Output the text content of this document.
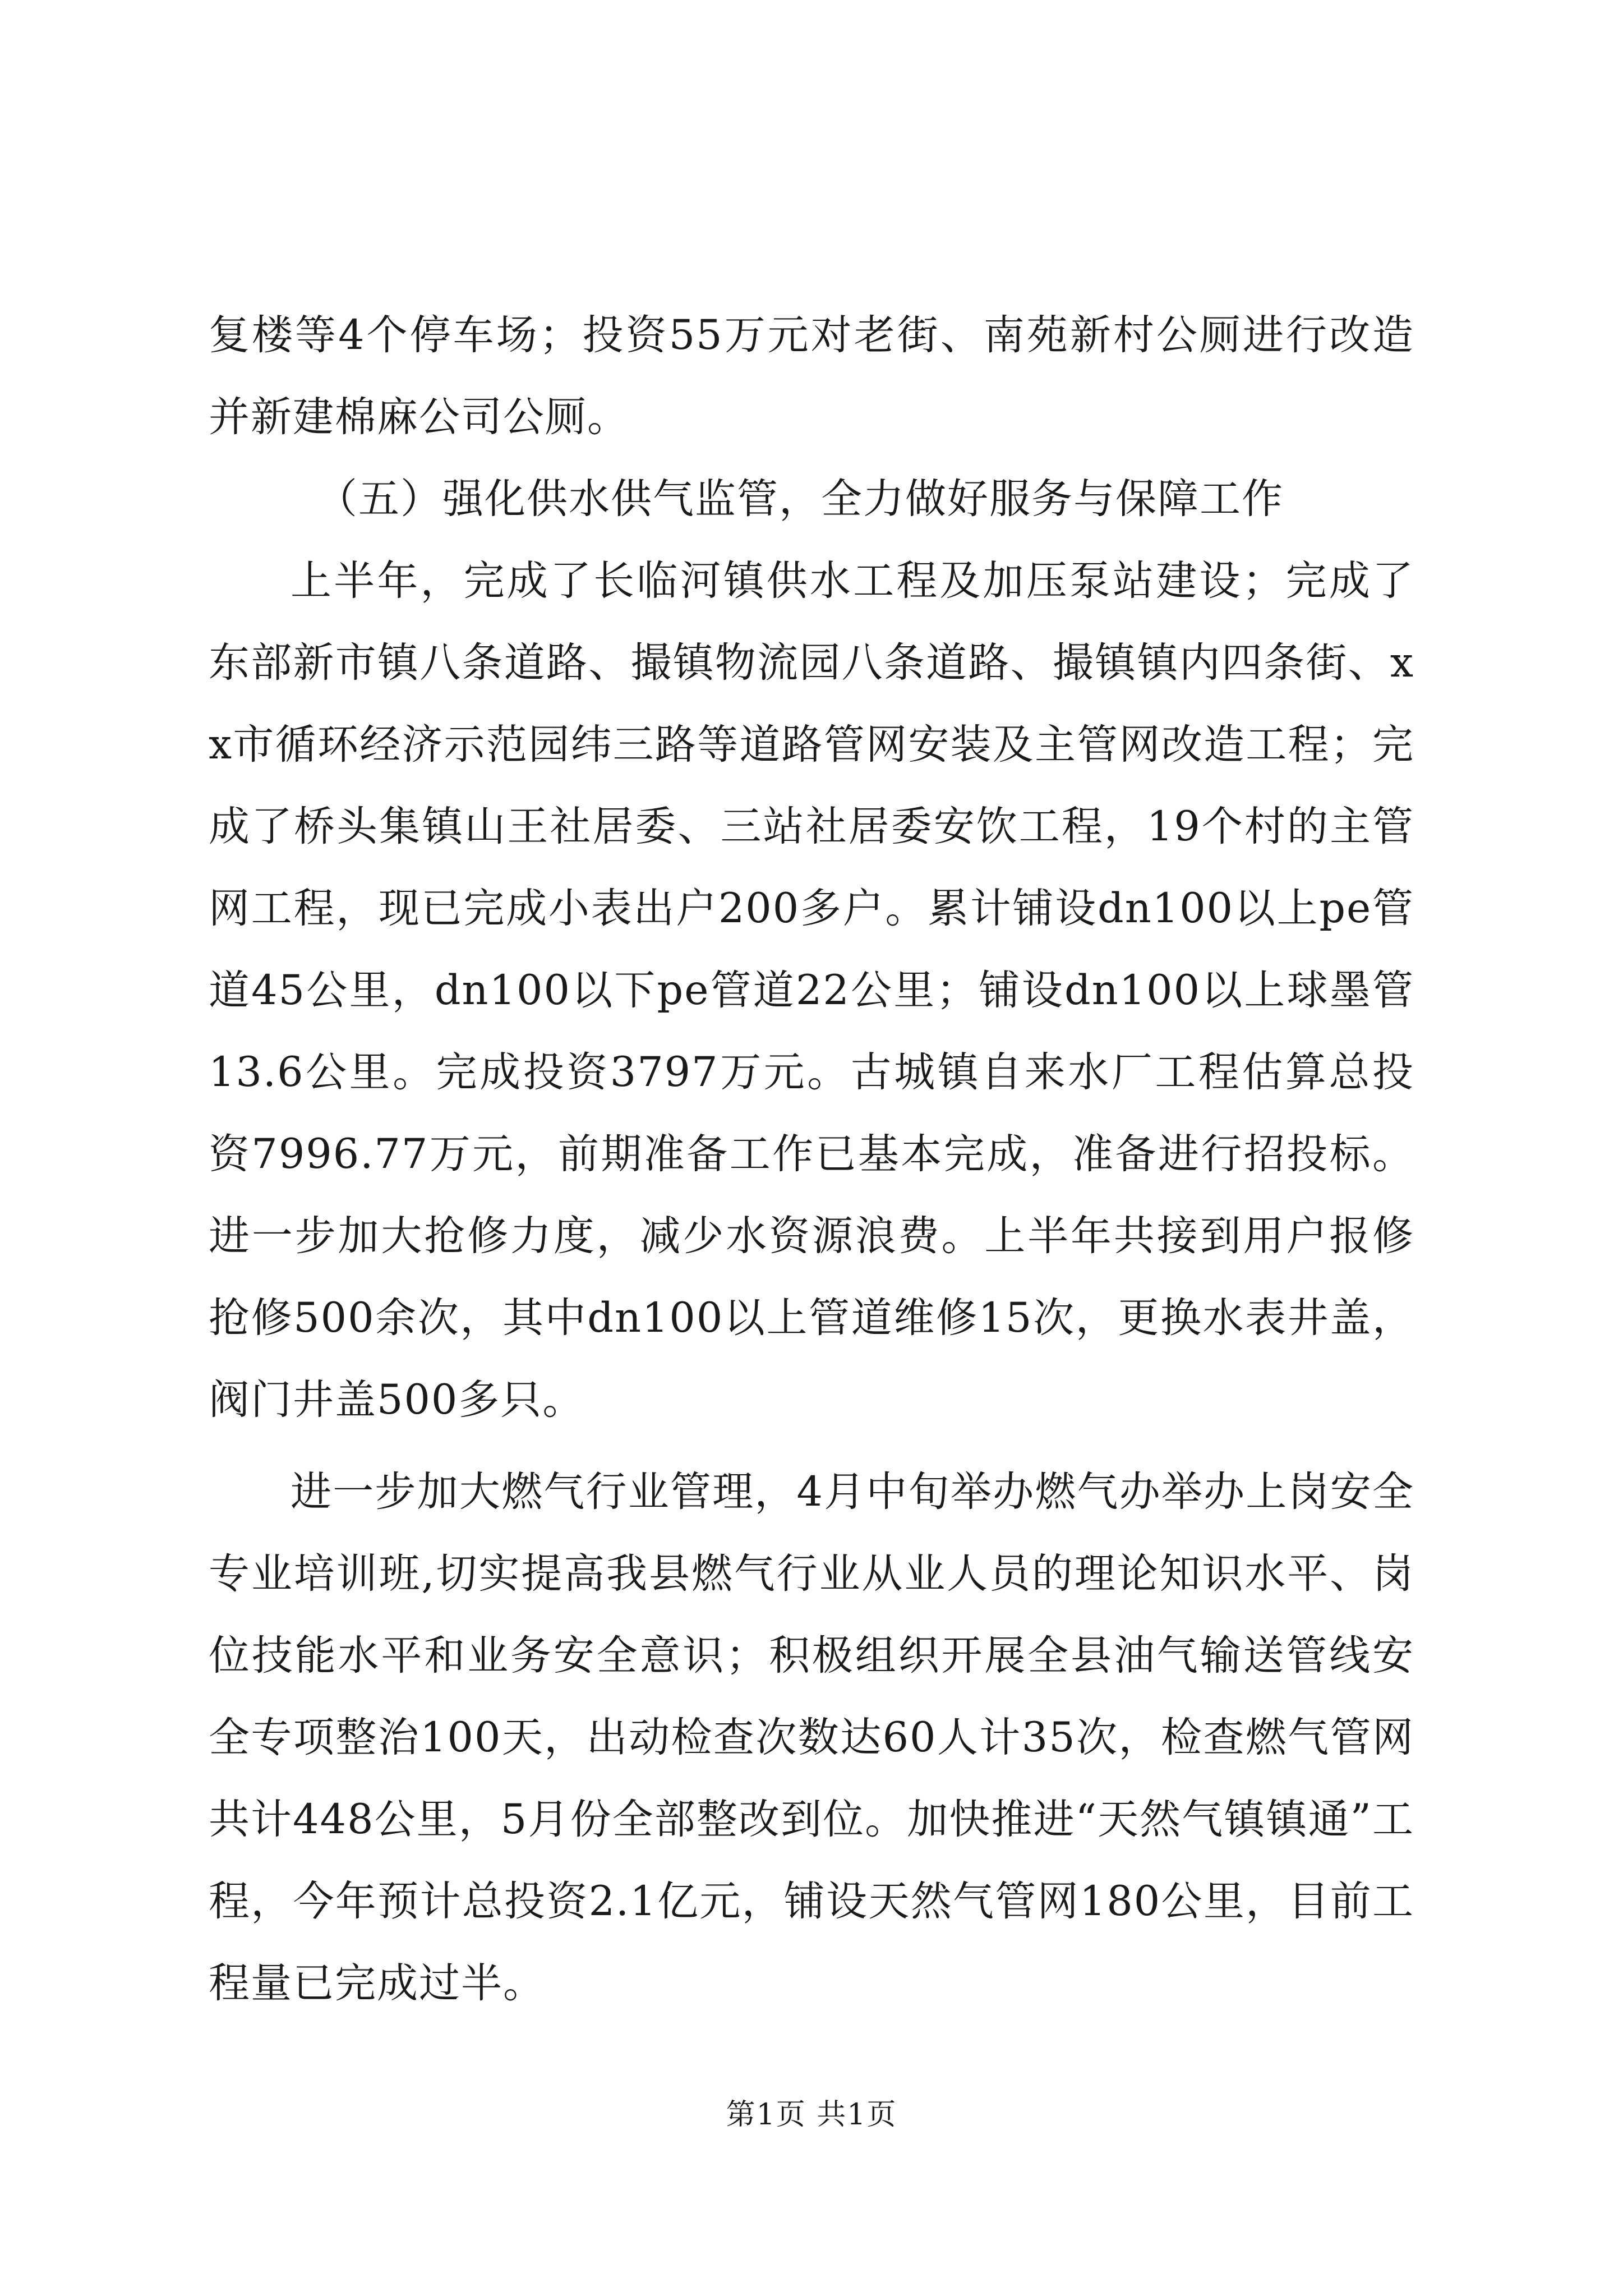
复楼等4个停车场；投资55万元对老街、南苑新村公厕进行改造并新建棉麻公司公厕。

（五）强化供水供气监管，全力做好服务与保障工作

上半年，完成了长临河镇供水工程及加压泵站建设；完成了东部新市镇八条道路、撮镇物流园八条道路、撮镇镇内四条街、xx市循环经济示范园纬三路等道路管网安装及主管网改造工程；完成了桥头集镇山王社居委、三站社居委安饮工程，19个村的主管网工程，现已完成小表出户200多户。累计铺设dn100以上pe管道45公里，dn100以下pe管道22公里；铺设dn100以上球墨管13.6公里。完成投资3797万元。古城镇自来水厂工程估算总投资7996.77万元，前期准备工作已基本完成，准备进行招投标。进一步加大抢修力度，减少水资源浪费。上半年共接到用户报修抢修500余次，其中dn100以上管道维修15次，更换水表井盖，阀门井盖500多只。

进一步加大燃气行业管理，4月中旬举办燃气办举办上岗安全专业培训班,切实提高我县燃气行业从业人员的理论知识水平、岗位技能水平和业务安全意识；积极组织开展全县油气输送管线安全专项整治100天，出动检查次数达60人计35次，检查燃气管网共计448公里，5月份全部整改到位。加快推进“天然气镇镇通”工程，今年预计总投资2.1亿元，铺设天然气管网180公里，目前工程量已完成过半。

第1页 共1页
